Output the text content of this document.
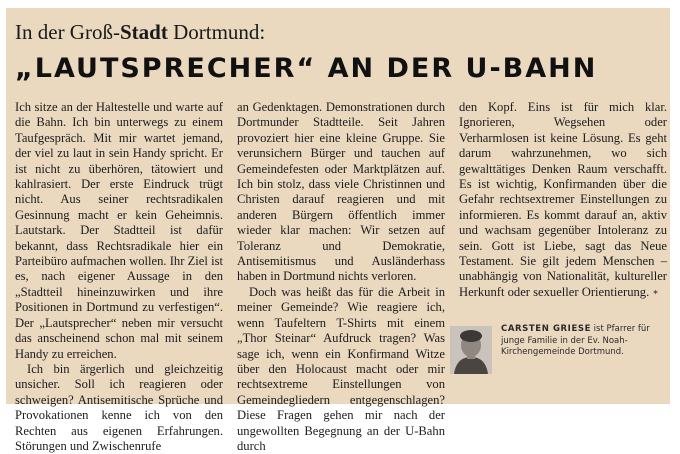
In der Groß-Stadt Dortmund:
„LAUTSPRECHER“ AN DER U-BAHN

Ich sitze an der Haltestelle und warte auf die Bahn. Ich bin unterwegs zu einem Taufgespräch. Mit mir wartet jemand, der viel zu laut in sein Handy spricht. Er ist nicht zu überhören, tätowiert und kahlrasiert. Der erste Eindruck trügt nicht. Aus seiner rechtsradikalen Gesinnung macht er kein Geheimnis. Lautstark. Der Stadtteil ist dafür bekannt, dass Rechtsradikale hier ein Parteibüro aufmachen wollen. Ihr Ziel ist es, nach eigener Aussage in den „Stadtteil hineinzuwirken und ihre Positionen in Dortmund zu verfestigen“. Der „Lautsprecher“ neben mir versucht das anscheinend schon mal mit seinem Handy zu erreichen.

Ich bin ärgerlich und gleichzeitig unsicher. Soll ich reagieren oder schweigen? Antisemitische Sprüche und Provokationen kenne ich von den Rechten aus eigenen Erfahrungen. Störungen und Zwischenrufe

an Gedenktagen. Demonstrationen durch Dortmunder Stadtteile. Seit Jahren provoziert hier eine kleine Gruppe. Sie verunsichern Bürger und tauchen auf Gemeindefesten oder Marktplätzen auf. Ich bin stolz, dass viele Christinnen und Christen darauf reagieren und mit anderen Bürgern öffentlich immer wieder klar machen: Wir setzen auf Toleranz und Demokratie, Antisemitismus und Ausländerhass haben in Dortmund nichts verloren.

Doch was heißt das für die Arbeit in meiner Gemeinde? Wie reagiere ich, wenn Taufeltern T-Shirts mit einem „Thor Steinar“ Aufdruck tragen? Was sage ich, wenn ein Konfirmand Witze über den Holocaust macht oder mir rechtsextreme Einstellungen von Gemeindegliedern entgegenschlagen? Diese Fragen gehen mir nach der ungewollten Begegnung an der U-Bahn durch

den Kopf. Eins ist für mich klar. Ignorieren, Wegsehen oder Verharmlosen ist keine Lösung. Es geht darum wahrzunehmen, wo sich gewalttätiges Denken Raum verschafft. Es ist wichtig, Konfirmanden über die Gefahr rechtsextremer Einstellungen zu informieren. Es kommt darauf an, aktiv und wachsam gegenüber Intoleranz zu sein. Gott ist Liebe, sagt das Neue Testament. Sie gilt jedem Menschen – unabhängig von Nationalität, kultureller Herkunft oder sexueller Orientierung. ∗

CARSTEN GRIESE ist Pfarrer für junge Familie in der Ev. Noah-Kirchengemeinde Dortmund.
